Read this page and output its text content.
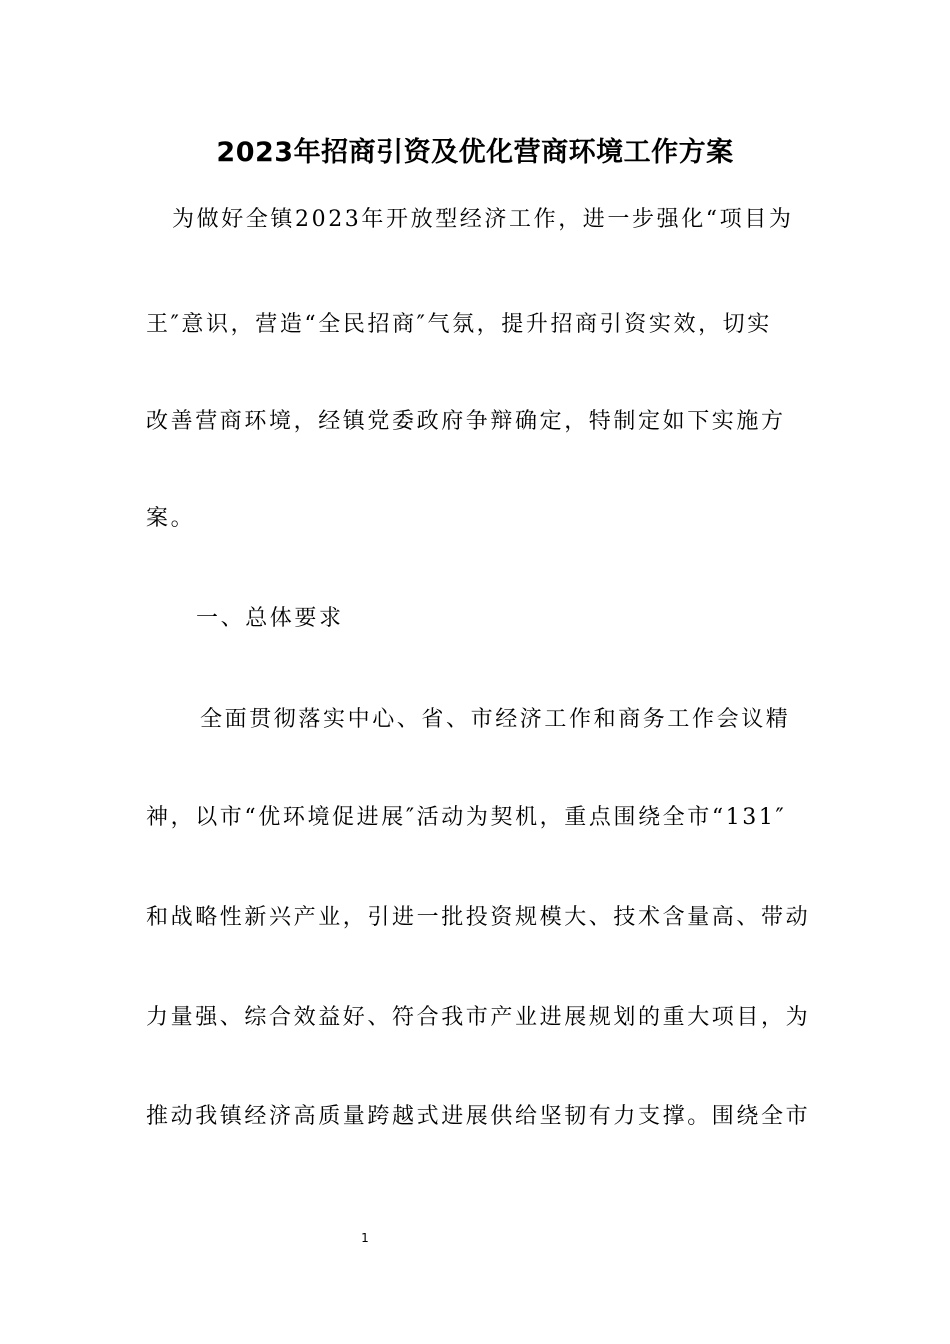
2023年招商引资及优化营商环境工作方案

为做好全镇2023年开放型经济工作，进一步强化“项目为

王″意识，营造“全民招商″气氛，提升招商引资实效，切实

改善营商环境，经镇党委政府争辩确定，特制定如下实施方

案。

一、总体要求

全面贯彻落实中心、省、市经济工作和商务工作会议精

神，以市“优环境促进展″活动为契机，重点围绕全市“131″

和战略性新兴产业，引进一批投资规模大、技术含量高、带动

力量强、综合效益好、符合我市产业进展规划的重大项目，为

推动我镇经济高质量跨越式进展供给坚韧有力支撑。围绕全市

1
